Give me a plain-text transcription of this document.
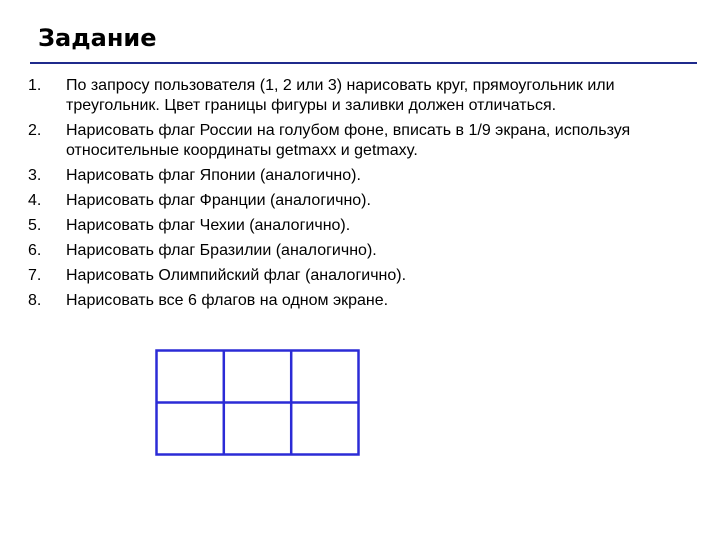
Задание
1. По запросу пользователя (1, 2 или 3) нарисовать круг, прямоугольник или треугольник. Цвет границы фигуры и заливки должен отличаться.
2. Нарисовать флаг России на голубом фоне, вписать в 1/9 экрана, используя относительные координаты getmaxx и getmaxy.
3. Нарисовать флаг Японии (аналогично).
4. Нарисовать флаг Франции (аналогично).
5. Нарисовать флаг Чехии (аналогично).
6. Нарисовать флаг Бразилии (аналогично).
7. Нарисовать Олимпийский флаг (аналогично).
8. Нарисовать все 6 флагов на одном экране.
